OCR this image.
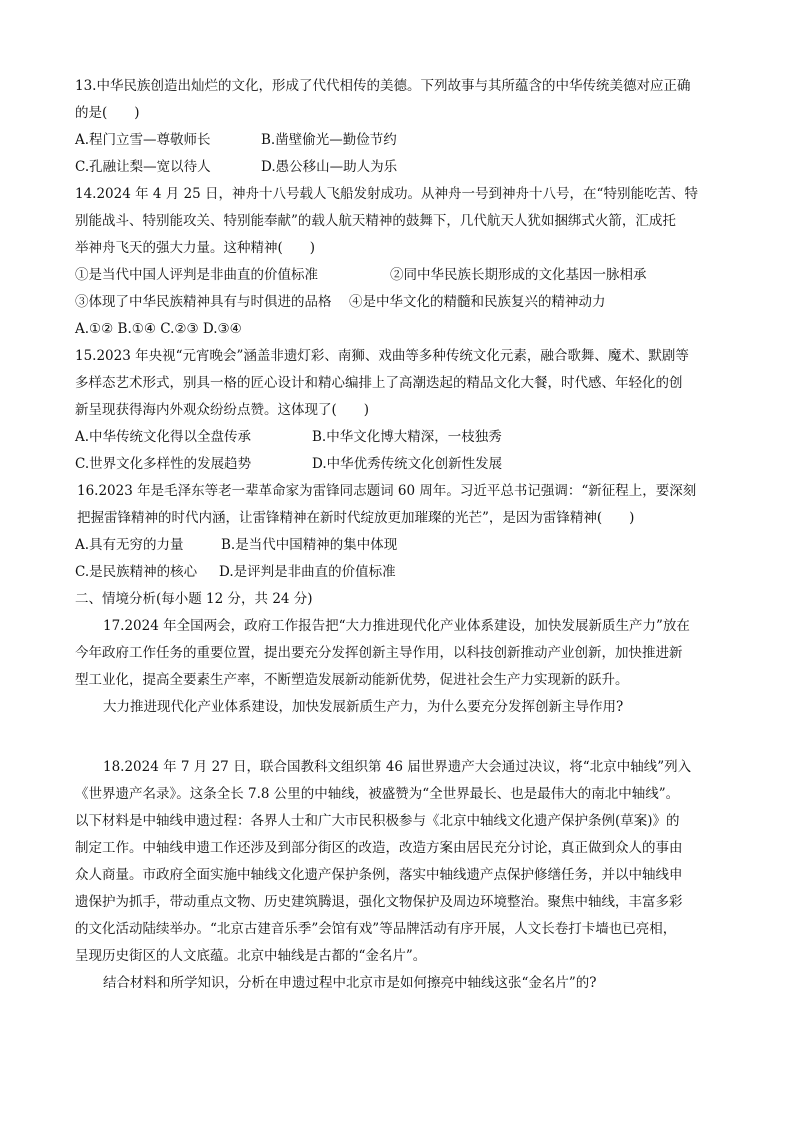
13.中华民族创造出灿烂的文化，形成了代代相传的美德。下列故事与其所蕴含的中华传统美德对应正确
的是(　　)
A.程门立雪—尊敬师长	B.凿壁偷光—勤俭节约
C.孔融让梨—宽以待人	D.愚公移山—助人为乐
14.2024 年 4 月 25 日，神舟十八号载人飞船发射成功。从神舟一号到神舟十八号，在“特别能吃苦、特
别能战斗、特别能攻关、特别能奉献”的载人航天精神的鼓舞下，几代航天人犹如捆绑式火箭，汇成托
举神舟飞天的强大力量。这种精神(　　)
①是当代中国人评判是非曲直的价值标准	②同中华民族长期形成的文化基因一脉相承
③体现了中华民族精神具有与时俱进的品格 ④是中华文化的精髓和民族复兴的精神动力
A.①② B.①④ C.②③ D.③④
15.2023 年央视“元宵晚会”涵盖非遗灯彩、南狮、戏曲等多种传统文化元素，融合歌舞、魔术、默剧等
多样态艺术形式，别具一格的匠心设计和精心编排上了高潮迭起的精品文化大餐，时代感、年轻化的创
新呈现获得海内外观众纷纷点赞。这体现了(　　)
A.中华传统文化得以全盘传承	B.中华文化博大精深，一枝独秀
C.世界文化多样性的发展趋势	D.中华优秀传统文化创新性发展
16.2023 年是毛泽东等老一辈革命家为雷锋同志题词 60 周年。习近平总书记强调：“新征程上，要深刻
把握雷锋精神的时代内涵，让雷锋精神在新时代绽放更加璀璨的光芒”，是因为雷锋精神(　　)
A.具有无穷的力量	B.是当代中国精神的集中体现
C.是民族精神的核心 D.是评判是非曲直的价值标准
二、情境分析(每小题 12 分，共 24 分)
17.2024 年全国两会，政府工作报告把“大力推进现代化产业体系建设，加快发展新质生产力”放在
今年政府工作任务的重要位置，提出要充分发挥创新主导作用，以科技创新推动产业创新，加快推进新
型工业化，提高全要素生产率，不断塑造发展新动能新优势，促进社会生产力实现新的跃升。
大力推进现代化产业体系建设，加快发展新质生产力，为什么要充分发挥创新主导作用?
18.2024 年 7 月 27 日，联合国教科文组织第 46 届世界遗产大会通过决议，将“北京中轴线”列入
《世界遗产名录》。这条全长 7.8 公里的中轴线，被盛赞为“全世界最长、也是最伟大的南北中轴线”。
以下材料是中轴线申遗过程：各界人士和广大市民积极参与《北京中轴线文化遗产保护条例(草案)》的
制定工作。中轴线申遗工作还涉及到部分街区的改造，改造方案由居民充分讨论，真正做到众人的事由
众人商量。市政府全面实施中轴线文化遗产保护条例，落实中轴线遗产点保护修缮任务，并以中轴线申
遗保护为抓手，带动重点文物、历史建筑腾退，强化文物保护及周边环境整治。聚焦中轴线，丰富多彩
的文化活动陆续举办。“北京古建音乐季”会馆有戏”等品牌活动有序开展，人文长卷打卡墙也已亮相，
呈现历史街区的人文底蕴。北京中轴线是古都的“金名片”。
结合材料和所学知识，分析在申遗过程中北京市是如何擦亮中轴线这张“金名片”的?
